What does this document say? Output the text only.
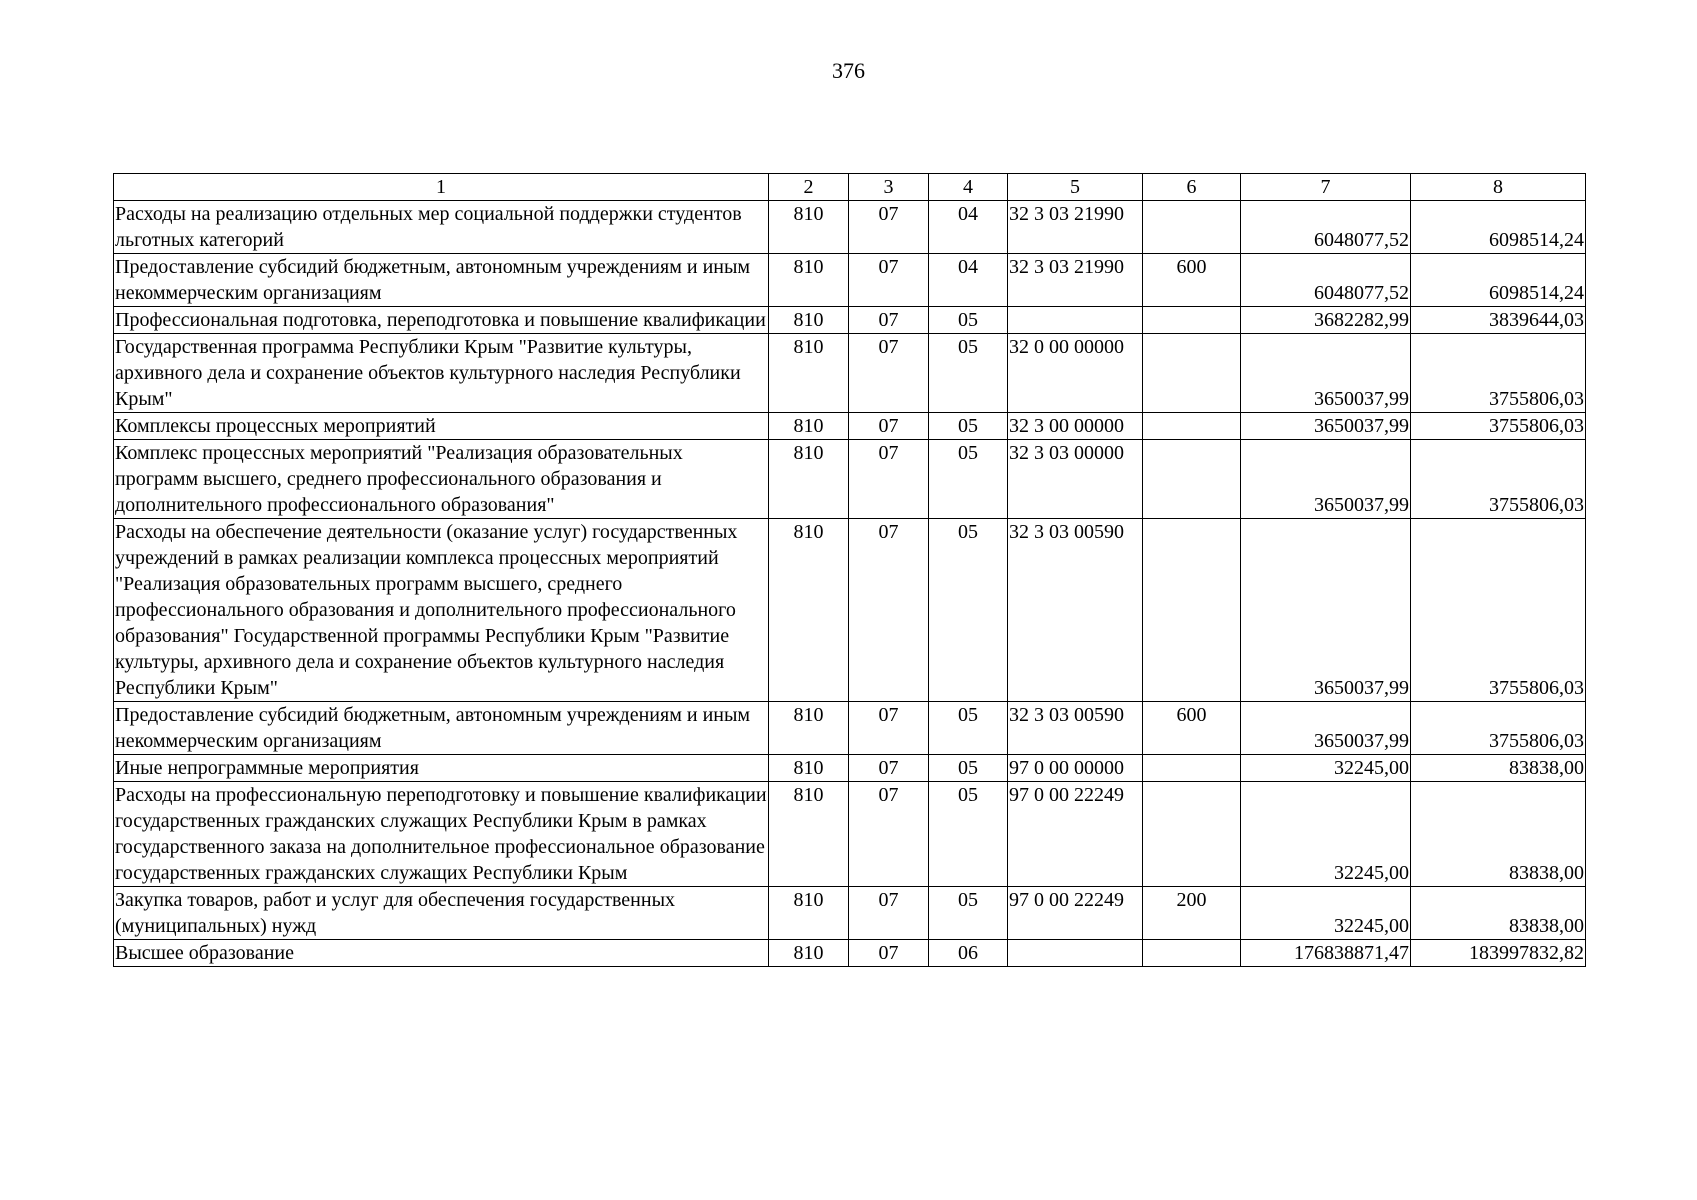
376
1	2	3	4	5	6	7	8
Расходы на реализацию отдельных мер социальной поддержки студентов льготных категорий	810	07	04	32 3 03 21990		6048077,52	6098514,24
Предоставление субсидий бюджетным, автономным учреждениям и иным некоммерческим организациям	810	07	04	32 3 03 21990	600	6048077,52	6098514,24
Профессиональная подготовка, переподготовка и повышение квалификации	810	07	05			3682282,99	3839644,03
Государственная программа Республики Крым "Развитие культуры, архивного дела и сохранение объектов культурного наследия Республики Крым"	810	07	05	32 0 00 00000		3650037,99	3755806,03
Комплексы процессных мероприятий	810	07	05	32 3 00 00000		3650037,99	3755806,03
Комплекс процессных мероприятий "Реализация образовательных программ высшего, среднего профессионального образования и дополнительного профессионального образования"	810	07	05	32 3 03 00000		3650037,99	3755806,03
Расходы на обеспечение деятельности (оказание услуг) государственных учреждений в рамках реализации комплекса процессных мероприятий "Реализация образовательных программ высшего, среднего профессионального образования и дополнительного профессионального образования" Государственной программы Республики Крым "Развитие культуры, архивного дела и сохранение объектов культурного наследия Республики Крым"	810	07	05	32 3 03 00590		3650037,99	3755806,03
Предоставление субсидий бюджетным, автономным учреждениям и иным некоммерческим организациям	810	07	05	32 3 03 00590	600	3650037,99	3755806,03
Иные непрограммные мероприятия	810	07	05	97 0 00 00000		32245,00	83838,00
Расходы на профессиональную переподготовку и повышение квалификации государственных гражданских служащих Республики Крым в рамках государственного заказа на дополнительное профессиональное образование государственных гражданских служащих Республики Крым	810	07	05	97 0 00 22249		32245,00	83838,00
Закупка товаров, работ и услуг для обеспечения государственных (муниципальных) нужд	810	07	05	97 0 00 22249	200	32245,00	83838,00
Высшее образование	810	07	06			176838871,47	183997832,82
